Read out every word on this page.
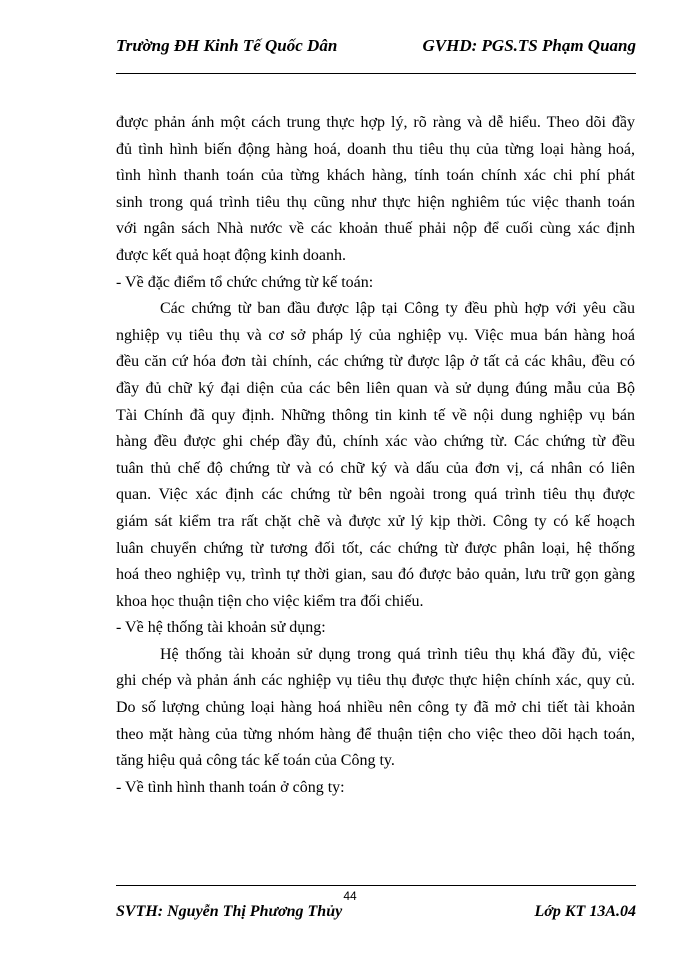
Trường ĐH Kinh Tế Quốc Dân	GVHD: PGS.TS Phạm Quang
được phản ánh một cách trung thực hợp lý, rõ ràng và dễ hiểu. Theo dõi đầy
đủ tình hình biến động hàng hoá, doanh thu tiêu thụ của từng loại hàng hoá,
tình hình thanh toán của từng khách hàng, tính toán chính xác chi phí phát
sinh trong quá trình tiêu thụ cũng như thực hiện nghiêm túc việc thanh toán
với ngân sách Nhà nước về các khoản thuế phải nộp để cuối cùng xác định
được kết quả hoạt động kinh doanh.
- Về đặc điểm tổ chức chứng từ kế toán:
Các chứng từ ban đầu được lập tại Công ty đều phù hợp với yêu cầu
nghiệp vụ tiêu thụ và cơ sở pháp lý của nghiệp vụ. Việc mua bán hàng hoá
đều căn cứ hóa đơn tài chính, các chứng từ được lập ở tất cả các khâu, đều có
đầy đủ chữ ký đại diện của các bên liên quan và sử dụng đúng mẫu của Bộ
Tài Chính đã quy định. Những thông tin kinh tế về nội dung nghiệp vụ bán
hàng đều được ghi chép đầy đủ, chính xác vào chứng từ. Các chứng từ đều
tuân thủ chế độ chứng từ và có chữ ký và dấu của đơn vị, cá nhân có liên
quan. Việc xác định các chứng từ bên ngoài trong quá trình tiêu thụ được
giám sát kiểm tra rất chặt chẽ và được xử lý kịp thời. Công ty có kế hoạch
luân chuyển chứng từ tương đối tốt, các chứng từ được phân loại, hệ thống
hoá theo nghiệp vụ, trình tự thời gian, sau đó được bảo quản, lưu trữ gọn gàng
khoa học thuận tiện cho việc kiểm tra đối chiếu.
- Về hệ thống tài khoản sử dụng:
Hệ thống tài khoản sử dụng trong quá trình tiêu thụ khá đầy đủ, việc
ghi chép và phản ánh các nghiệp vụ tiêu thụ được thực hiện chính xác, quy củ.
Do số lượng chủng loại hàng hoá nhiều nên công ty đã mở chi tiết tài khoản
theo mặt hàng của từng nhóm hàng để thuận tiện cho việc theo dõi hạch toán,
tăng hiệu quả công tác kế toán của Công ty.
- Về tình hình thanh toán ở công ty:
44
SVTH: Nguyễn Thị Phương Thủy	Lớp KT 13A.04
